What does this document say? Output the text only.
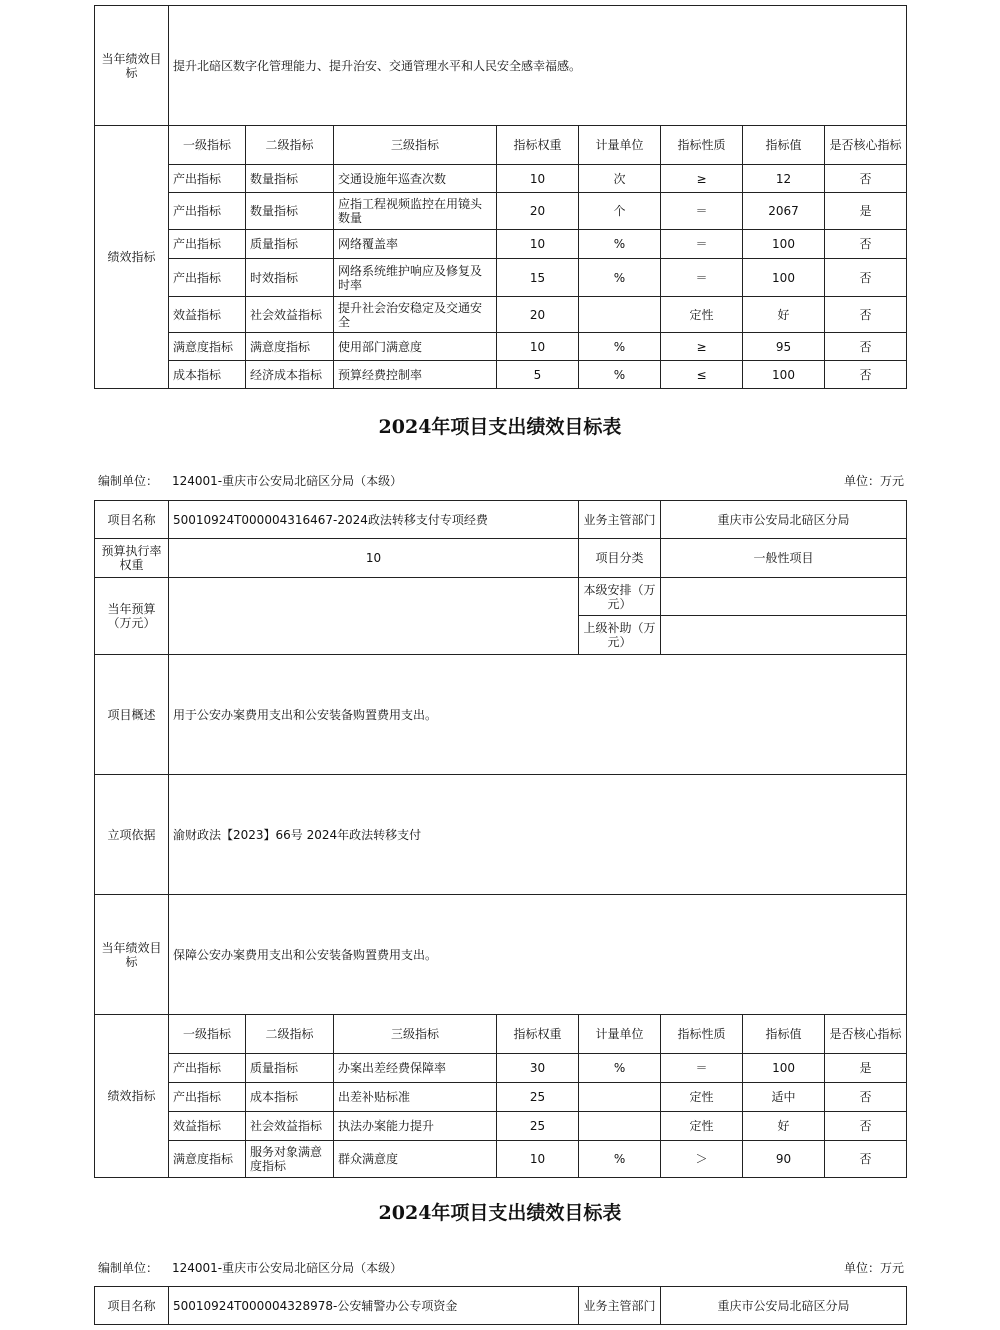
当年绩效目标	提升北碚区数字化管理能力、提升治安、交通管理水平和人民安全感幸福感。							
绩效指标	一级指标	二级指标	三级指标	指标权重	计量单位	指标性质	指标值	是否核心指标
	产出指标	数量指标	交通设施年巡查次数	10	次	≥	12	否
	产出指标	数量指标	应指工程视频监控在用镜头数量	20	个	＝	2067	是
	产出指标	质量指标	网络覆盖率	10	%	＝	100	否
	产出指标	时效指标	网络系统维护响应及修复及时率	15	%	＝	100	否
	效益指标	社会效益指标	提升社会治安稳定及交通安全	20		定性	好	否
	满意度指标	满意度指标	使用部门满意度	10	%	≥	95	否
	成本指标	经济成本指标	预算经费控制率	5	%	≤	100	否
2024年项目支出绩效目标表
编制单位： 124001-重庆市公安局北碚区分局（本级）	单位：万元
项目名称	50010924T000004316467-2024政法转移支付专项经费				业务主管部门	重庆市公安局北碚区分局		
预算执行率权重	10				项目分类	一般性项目		
当年预算（万元）					本级安排（万元）			
					上级补助（万元）			
项目概述	用于公安办案费用支出和公安装备购置费用支出。							
立项依据	渝财政法【2023】66号 2024年政法转移支付							
当年绩效目标	保障公安办案费用支出和公安装备购置费用支出。							
绩效指标	一级指标	二级指标	三级指标	指标权重	计量单位	指标性质	指标值	是否核心指标
	产出指标	质量指标	办案出差经费保障率	30	%	＝	100	是
	产出指标	成本指标	出差补贴标准	25		定性	适中	否
	效益指标	社会效益指标	执法办案能力提升	25		定性	好	否
	满意度指标	服务对象满意度指标	群众满意度	10	%	＞	90	否
2024年项目支出绩效目标表
编制单位： 124001-重庆市公安局北碚区分局（本级）	单位：万元
项目名称	50010924T000004328978-公安辅警办公专项资金	业务主管部门	重庆市公安局北碚区分局
